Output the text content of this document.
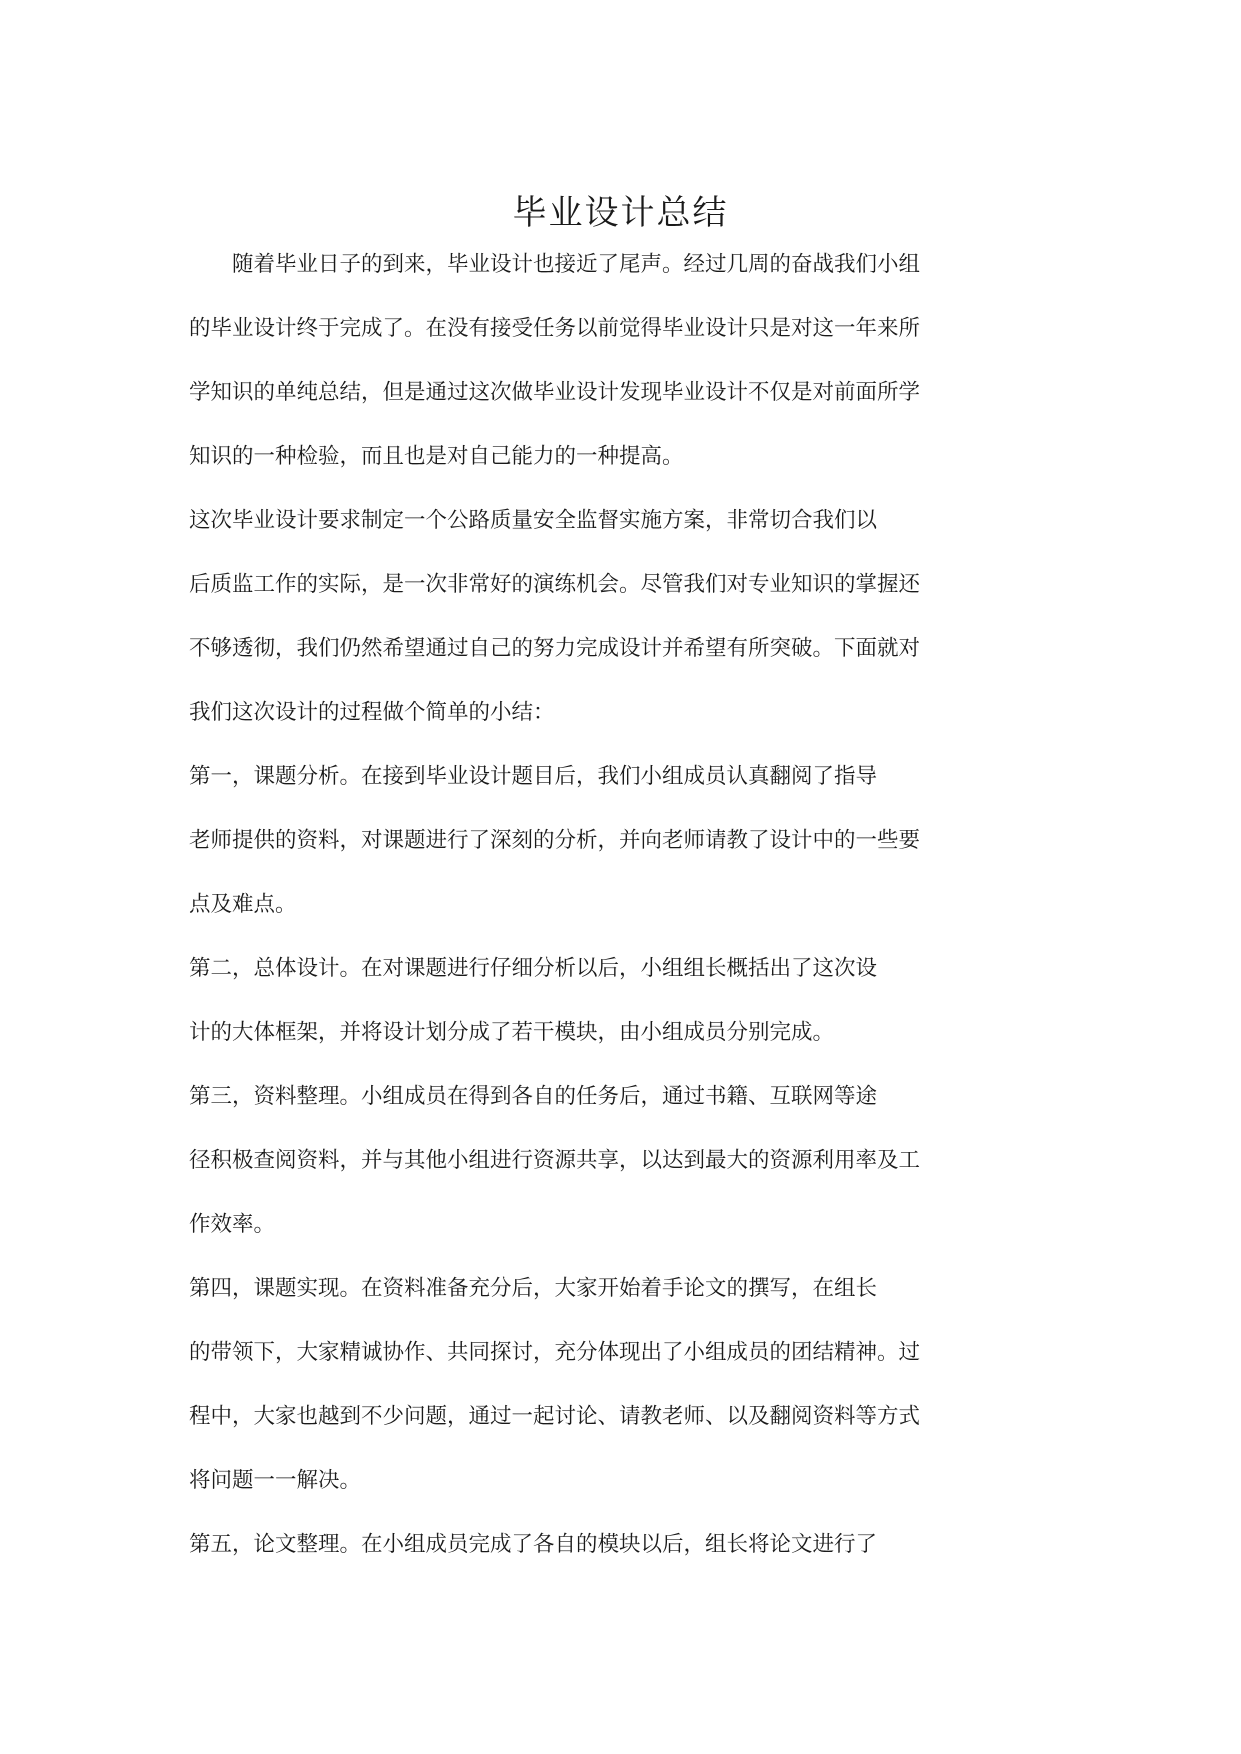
毕业设计总结
随着毕业日子的到来，毕业设计也接近了尾声。经过几周的奋战我们小组
的毕业设计终于完成了。在没有接受任务以前觉得毕业设计只是对这一年来所
学知识的单纯总结，但是通过这次做毕业设计发现毕业设计不仅是对前面所学
知识的一种检验，而且也是对自己能力的一种提高。
这次毕业设计要求制定一个公路质量安全监督实施方案，非常切合我们以
后质监工作的实际，是一次非常好的演练机会。尽管我们对专业知识的掌握还
不够透彻，我们仍然希望通过自己的努力完成设计并希望有所突破。下面就对
我们这次设计的过程做个简单的小结：
第一，课题分析。在接到毕业设计题目后，我们小组成员认真翻阅了指导
老师提供的资料，对课题进行了深刻的分析，并向老师请教了设计中的一些要
点及难点。
第二，总体设计。在对课题进行仔细分析以后，小组组长概括出了这次设
计的大体框架，并将设计划分成了若干模块，由小组成员分别完成。
第三，资料整理。小组成员在得到各自的任务后，通过书籍、互联网等途
径积极查阅资料，并与其他小组进行资源共享，以达到最大的资源利用率及工
作效率。
第四，课题实现。在资料准备充分后，大家开始着手论文的撰写，在组长
的带领下，大家精诚协作、共同探讨，充分体现出了小组成员的团结精神。过
程中，大家也越到不少问题，通过一起讨论、请教老师、以及翻阅资料等方式
将问题一一解决。
第五，论文整理。在小组成员完成了各自的模块以后，组长将论文进行了
